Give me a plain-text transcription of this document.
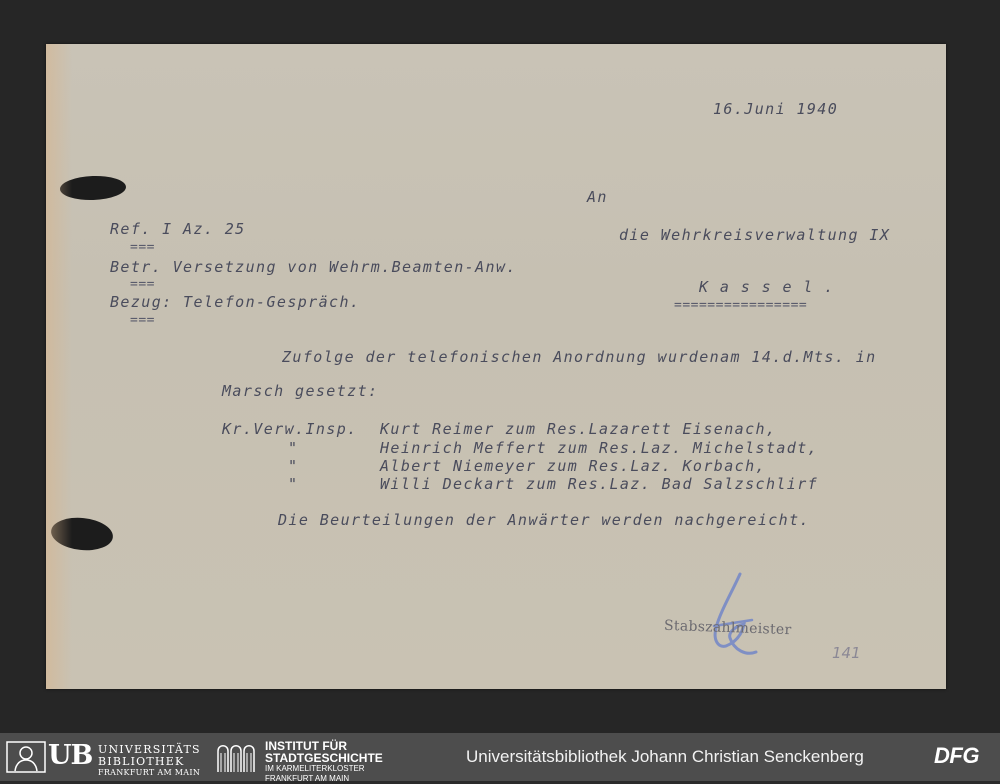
16.Juni 1940

An

Ref. I Az. 25	die Wehrkreisverwaltung IX

===

Betr. Versetzung von Wehrm.Beamten-Anw.

K a s s e l .

===

Bezug: Telefon-Gespräch.	================

===

Zufolge der telefonischen Anordnung wurdenam 14.d.Mts. in

Marsch gesetzt:

Kr.Verw.Insp. Kurt Reimer zum Res.Lazarett Eisenach,

"	Heinrich Meffert zum Res.Laz. Michelstadt,

"	Albert Niemeyer zum Res.Laz. Korbach,

"	Willi Deckart zum Res.Laz. Bad Salzschlirf

Die Beurteilungen der Anwärter werden nachgereicht.

Stabszahlmeister
141
UB UNIVERSITÄTS
BIBLIOTHEK
FRANKFURT AM MAIN
INSTITUT FÜR
STADTGESCHICHTE
IM KARMELITERKLOSTER
FRANKFURT AM MAIN
Universitätsbibliothek Johann Christian Senckenberg	DFG
